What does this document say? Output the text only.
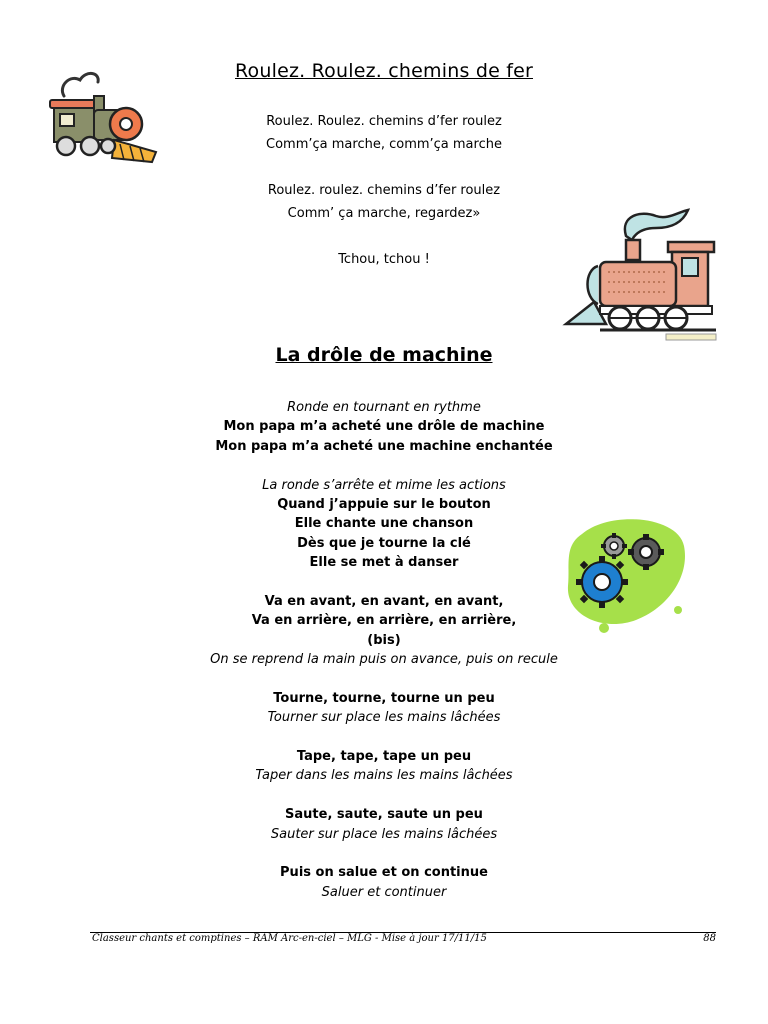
Roulez. Roulez. chemins de fer
Roulez. Roulez. chemins d’fer roulez
Comm’ça marche, comm’ça marche
Roulez. roulez. chemins d’fer roulez
Comm’ ça marche, regardez»
Tchou, tchou !
La drôle de machine
Ronde en tournant en rythme
Mon papa m’a acheté une drôle de machine
Mon papa m’a acheté une machine enchantée
La ronde s’arrête et mime les actions
Quand j’appuie sur le bouton
Elle chante une chanson
Dès que je tourne la clé
Elle se met à danser
Va en avant, en avant, en avant,
Va en arrière, en arrière, en arrière,
(bis)
On se reprend la main puis on avance, puis on recule
Tourne, tourne, tourne un peu
Tourner sur place les mains lâchées
Tape, tape, tape un peu
Taper dans les mains les mains lâchées
Saute, saute, saute un peu
Sauter sur place les mains lâchées
Puis on salue et on continue
Saluer et continuer
Classeur chants et comptines – RAM Arc-en-ciel – MLG - Mise à jour 17/11/15	88
